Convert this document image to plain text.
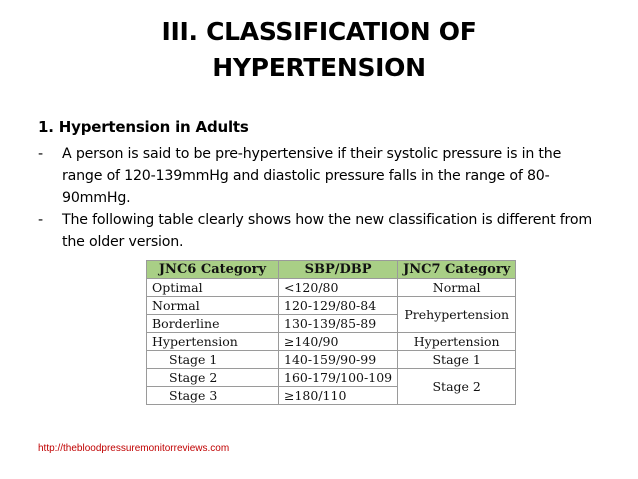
III. CLASSIFICATION OF
HYPERTENSION
1. Hypertension in Adults
- A person is said to be pre-hypertensive if their systolic pressure is in the range of 120-139mmHg and diastolic pressure falls in the range of 80-90mmHg.
- The following table clearly shows how the new classification is different from the older version.
JNC6 Category	SBP/DBP	JNC7 Category
Optimal	<120/80	Normal
Normal	120-129/80-84	Prehypertension
Borderline	130-139/85-89	
Hypertension	≥140/90	Hypertension
Stage 1	140-159/90-99	Stage 1
Stage 2	160-179/100-109	Stage 2
Stage 3	≥180/110	
http://thebloodpressuremonitorreviews.com
